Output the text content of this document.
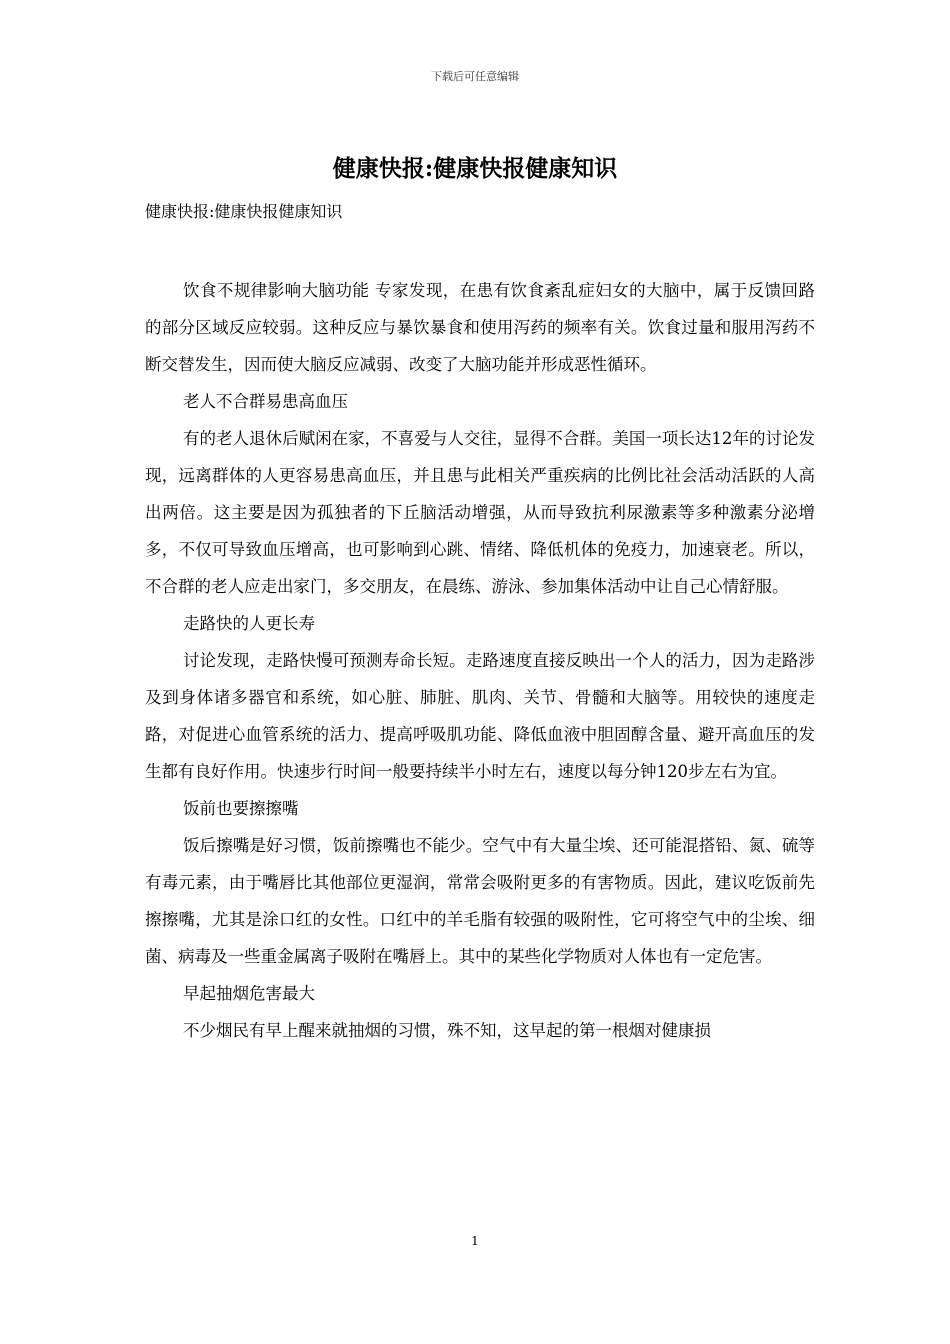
下载后可任意编辑
健康快报:健康快报健康知识

健康快报:健康快报健康知识

饮食不规律影响大脑功能 专家发现，在患有饮食紊乱症妇女的大脑中，属于反馈回路的部分区域反应较弱。这种反应与暴饮暴食和使用泻药的频率有关。饮食过量和服用泻药不断交替发生，因而使大脑反应减弱、改变了大脑功能并形成恶性循环。

老人不合群易患高血压

有的老人退休后赋闲在家，不喜爱与人交往，显得不合群。美国一项长达12年的讨论发现，远离群体的人更容易患高血压，并且患与此相关严重疾病的比例比社会活动活跃的人高出两倍。这主要是因为孤独者的下丘脑活动增强，从而导致抗利尿激素等多种激素分泌增多，不仅可导致血压增高，也可影响到心跳、情绪、降低机体的免疫力，加速衰老。所以，不合群的老人应走出家门，多交朋友，在晨练、游泳、参加集体活动中让自己心情舒服。

走路快的人更长寿

讨论发现，走路快慢可预测寿命长短。走路速度直接反映出一个人的活力，因为走路涉及到身体诸多器官和系统，如心脏、肺脏、肌肉、关节、骨髓和大脑等。用较快的速度走路，对促进心血管系统的活力、提高呼吸肌功能、降低血液中胆固醇含量、避开高血压的发生都有良好作用。快速步行时间一般要持续半小时左右，速度以每分钟120步左右为宜。

饭前也要擦擦嘴

饭后擦嘴是好习惯，饭前擦嘴也不能少。空气中有大量尘埃、还可能混搭铅、氮、硫等有毒元素，由于嘴唇比其他部位更湿润，常常会吸附更多的有害物质。因此，建议吃饭前先擦擦嘴，尤其是涂口红的女性。口红中的羊毛脂有较强的吸附性，它可将空气中的尘埃、细菌、病毒及一些重金属离子吸附在嘴唇上。其中的某些化学物质对人体也有一定危害。

早起抽烟危害最大

不少烟民有早上醒来就抽烟的习惯，殊不知，这早起的第一根烟对健康损

1
